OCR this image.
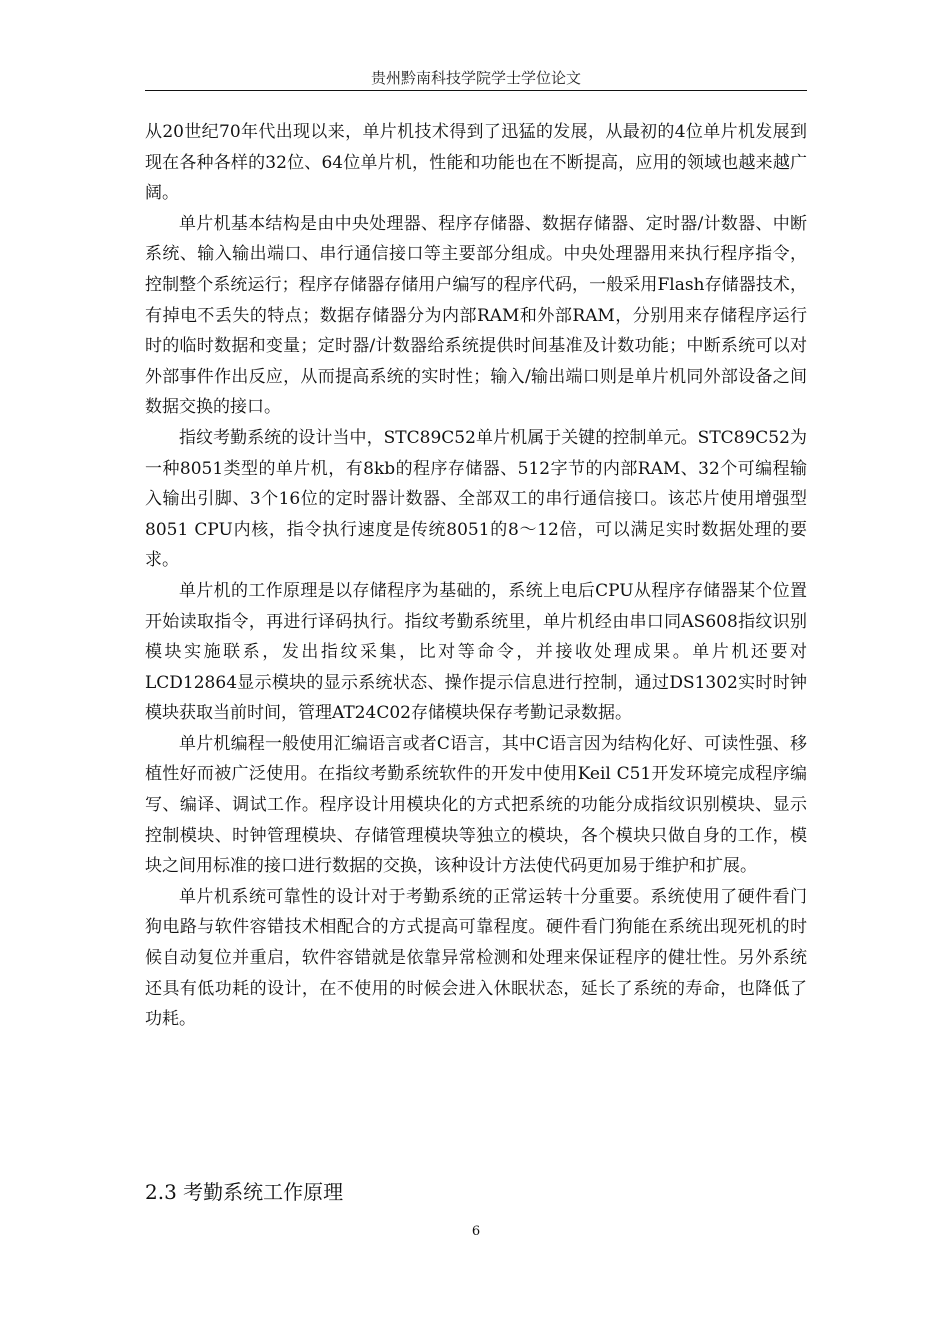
贵州黔南科技学院学士学位论文

从20世纪70年代出现以来，单片机技术得到了迅猛的发展，从最初的4位单片机发展到现在各种各样的32位、64位单片机，性能和功能也在不断提高，应用的领域也越来越广阔。

单片机基本结构是由中央处理器、程序存储器、数据存储器、定时器/计数器、中断系统、输入输出端口、串行通信接口等主要部分组成。中央处理器用来执行程序指令，控制整个系统运行；程序存储器存储用户编写的程序代码，一般采用Flash存储器技术，有掉电不丢失的特点；数据存储器分为内部RAM和外部RAM，分别用来存储程序运行时的临时数据和变量；定时器/计数器给系统提供时间基准及计数功能；中断系统可以对外部事件作出反应，从而提高系统的实时性；输入/输出端口则是单片机同外部设备之间数据交换的接口。

指纹考勤系统的设计当中，STC89C52单片机属于关键的控制单元。STC89C52为一种8051类型的单片机，有8kb的程序存储器、512字节的内部RAM、32个可编程输入输出引脚、3个16位的定时器计数器、全部双工的串行通信接口。该芯片使用增强型8051 CPU内核，指令执行速度是传统8051的8～12倍，可以满足实时数据处理的要求。

单片机的工作原理是以存储程序为基础的，系统上电后CPU从程序存储器某个位置开始读取指令，再进行译码执行。指纹考勤系统里，单片机经由串口同AS608指纹识别模块实施联系，发出指纹采集，比对等命令，并接收处理成果。单片机还要对LCD12864显示模块的显示系统状态、操作提示信息进行控制，通过DS1302实时时钟模块获取当前时间，管理AT24C02存储模块保存考勤记录数据。

单片机编程一般使用汇编语言或者C语言，其中C语言因为结构化好、可读性强、移植性好而被广泛使用。在指纹考勤系统软件的开发中使用Keil C51开发环境完成程序编写、编译、调试工作。程序设计用模块化的方式把系统的功能分成指纹识别模块、显示控制模块、时钟管理模块、存储管理模块等独立的模块，各个模块只做自身的工作，模块之间用标准的接口进行数据的交换，该种设计方法使代码更加易于维护和扩展。

单片机系统可靠性的设计对于考勤系统的正常运转十分重要。系统使用了硬件看门狗电路与软件容错技术相配合的方式提高可靠程度。硬件看门狗能在系统出现死机的时候自动复位并重启，软件容错就是依靠异常检测和处理来保证程序的健壮性。另外系统还具有低功耗的设计，在不使用的时候会进入休眠状态，延长了系统的寿命，也降低了功耗。

2.3 考勤系统工作原理
6
